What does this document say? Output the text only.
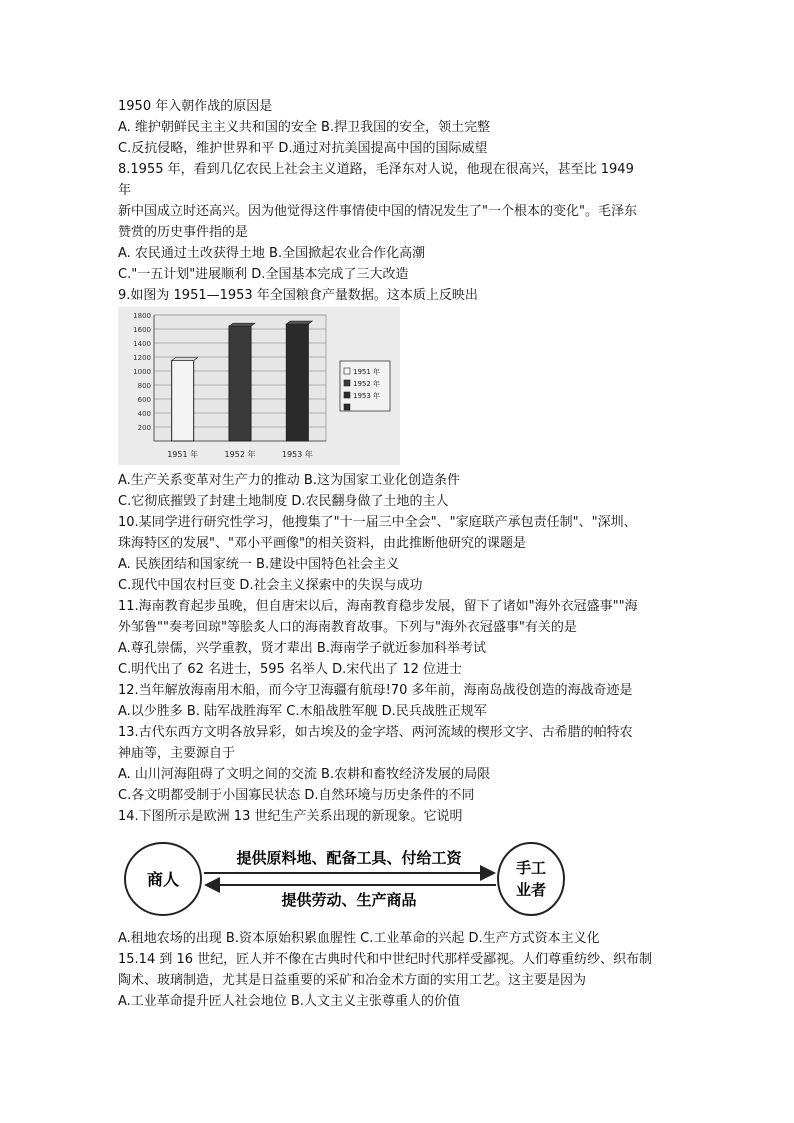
1950 年入朝作战的原因是
A. 维护朝鲜民主主义共和国的安全 B.捍卫我国的安全，领土完整
C.反抗侵略，维护世界和平 D.通过对抗美国提高中国的国际威望
8.1955 年，看到几亿农民上社会主义道路，毛泽东对人说，他现在很高兴，甚至比 1949
年
新中国成立时还高兴。因为他觉得这件事情使中国的情况发生了"一个根本的变化"。毛泽东
赞赏的历史事件指的是
A. 农民通过土改获得土地 B.全国掀起农业合作化高潮
C."一五计划"进展顺利 D.全国基本完成了三大改造
9.如图为 1951—1953 年全国粮食产量数据。这本质上反映出
1800
1600
1400
1200
1000
800
600
400
200
1951 年	1952 年	1953 年
1951 年
1952 年
1953 年
A.生产关系变革对生产力的推动 B.这为国家工业化创造条件
C.它彻底摧毁了封建土地制度 D.农民翻身做了土地的主人
10.某同学进行研究性学习，他搜集了"十一届三中全会"、"家庭联产承包责任制"、"深圳、
珠海特区的发展"、"邓小平画像"的相关资料，由此推断他研究的课题是
A. 民族团结和国家统一 B.建设中国特色社会主义
C.现代中国农村巨变 D.社会主义探索中的失误与成功
11.海南教育起步虽晚，但自唐宋以后，海南教育稳步发展，留下了诸如"海外衣冠盛事""海
外邹鲁""奏考回琼"等脍炙人口的海南教育故事。下列与"海外衣冠盛事"有关的是
A.尊孔崇儒，兴学重教，贤才辈出 B.海南学子就近参加科举考试
C.明代出了 62 名进士，595 名举人 D.宋代出了 12 位进士
12.当年解放海南用木船，而今守卫海疆有航母!70 多年前，海南岛战役创造的海战奇迹是
A.以少胜多 B. 陆军战胜海军 C.木船战胜军舰 D.民兵战胜正规军
13.古代东西方文明各放异彩，如古埃及的金字塔、两河流域的楔形文字、古希腊的帕特农
神庙等，主要源自于
A. 山川河海阻碍了文明之间的交流 B.农耕和畜牧经济发展的局限
C.各文明都受制于小国寡民状态 D.自然环境与历史条件的不同
14.下图所示是欧洲 13 世纪生产关系出现的新现象。它说明
商人
手工
业者
提供原料地、配备工具、付给工资
提供劳动、生产商品
A.租地农场的出现 B.资本原始积累血腥性 C.工业革命的兴起 D.生产方式资本主义化
15.14 到 16 世纪，匠人并不像在古典时代和中世纪时代那样受鄙视。人们尊重纺纱、织布制
陶术、玻璃制造，尤其是日益重要的采矿和冶金术方面的实用工艺。这主要是因为
A.工业革命提升匠人社会地位 B.人文主义主张尊重人的价值
